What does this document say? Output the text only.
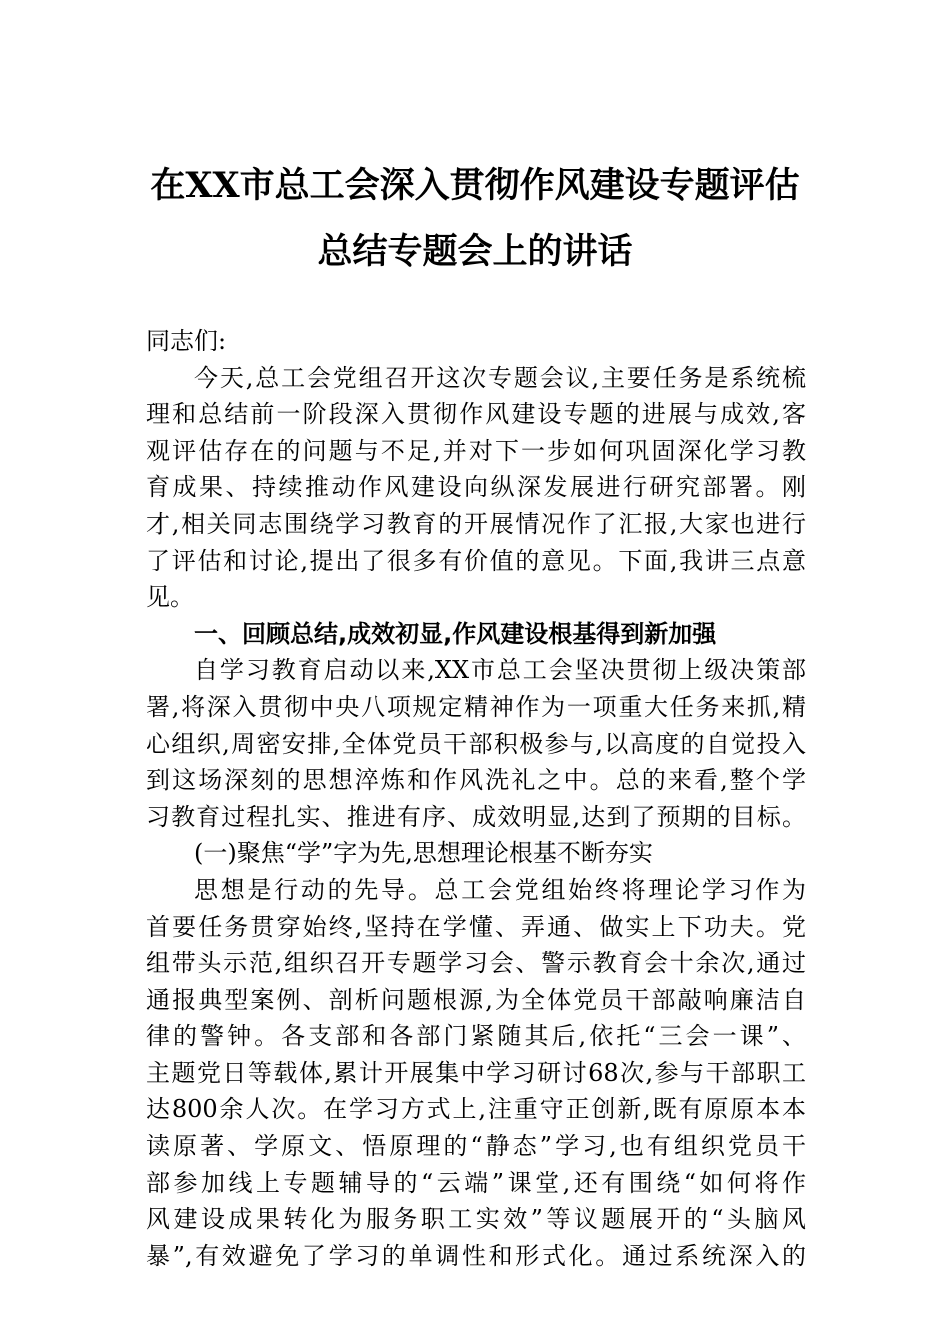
在XX市总工会深入贯彻作风建设专题评估
总结专题会上的讲话
同志们:
今天,总工会党组召开这次专题会议,主要任务是系统梳
理和总结前一阶段深入贯彻作风建设专题的进展与成效,客
观评估存在的问题与不足,并对下一步如何巩固深化学习教
育成果、持续推动作风建设向纵深发展进行研究部署。刚
才,相关同志围绕学习教育的开展情况作了汇报,大家也进行
了评估和讨论,提出了很多有价值的意见。下面,我讲三点意
见。
一、回顾总结,成效初显,作风建设根基得到新加强
自学习教育启动以来,XX市总工会坚决贯彻上级决策部
署,将深入贯彻中央八项规定精神作为一项重大任务来抓,精
心组织,周密安排,全体党员干部积极参与,以高度的自觉投入
到这场深刻的思想淬炼和作风洗礼之中。总的来看,整个学
习教育过程扎实、推进有序、成效明显,达到了预期的目标。
(一)聚焦“学”字为先,思想理论根基不断夯实
思想是行动的先导。总工会党组始终将理论学习作为
首要任务贯穿始终,坚持在学懂、弄通、做实上下功夫。党
组带头示范,组织召开专题学习会、警示教育会十余次,通过
通报典型案例、剖析问题根源,为全体党员干部敲响廉洁自
律的警钟。各支部和各部门紧随其后,依托“三会一课”、
主题党日等载体,累计开展集中学习研讨68次,参与干部职工
达800余人次。在学习方式上,注重守正创新,既有原原本本
读原著、学原文、悟原理的“静态”学习,也有组织党员干
部参加线上专题辅导的“云端”课堂,还有围绕“如何将作
风建设成果转化为服务职工实效”等议题展开的“头脑风
暴”,有效避免了学习的单调性和形式化。通过系统深入的
